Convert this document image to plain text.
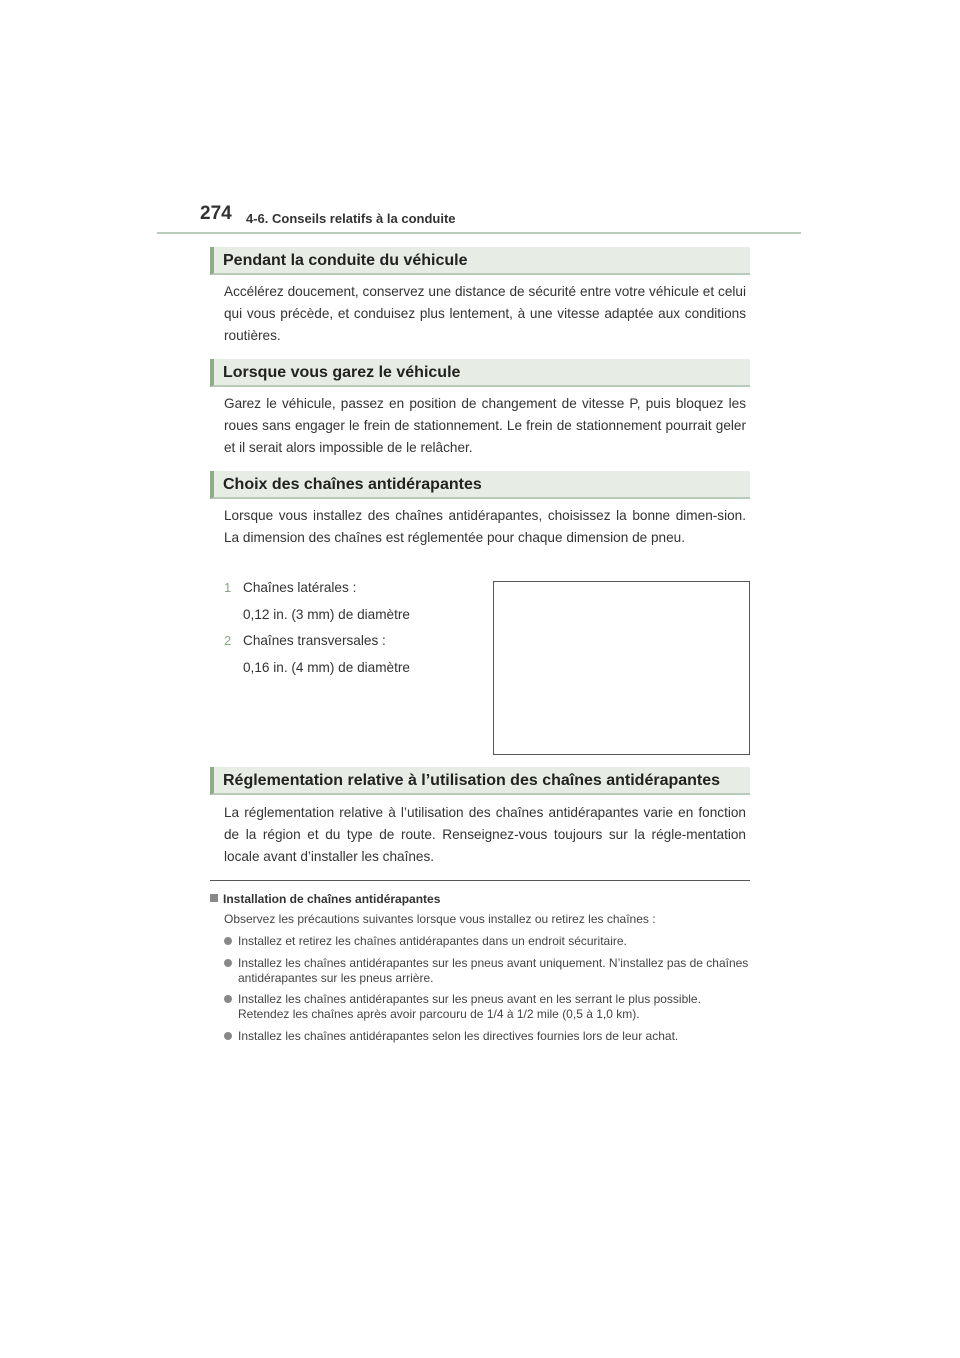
274 4-6. Conseils relatifs à la conduite
Pendant la conduite du véhicule

Accélérez doucement, conservez une distance de sécurité entre votre véhicule et celui qui vous précède, et conduisez plus lentement, à une vitesse adaptée aux conditions routières.

Lorsque vous garez le véhicule

Garez le véhicule, passez en position de changement de vitesse P, puis bloquez les roues sans engager le frein de stationnement. Le frein de stationnement pourrait geler et il serait alors impossible de le relâcher.

Choix des chaînes antidérapantes

Lorsque vous installez des chaînes antidérapantes, choisissez la bonne dimen-sion. La dimension des chaînes est réglementée pour chaque dimension de pneu.

1 Chaînes latérales :
0,12 in. (3 mm) de diamètre
2 Chaînes transversales :
0,16 in. (4 mm) de diamètre
Réglementation relative à l’utilisation des chaînes antidérapantes

La réglementation relative à l’utilisation des chaînes antidérapantes varie en fonction de la région et du type de route. Renseignez-vous toujours sur la régle-mentation locale avant d’installer les chaînes.

Installation de chaînes antidérapantes
Observez les précautions suivantes lorsque vous installez ou retirez les chaînes :
Installez et retirez les chaînes antidérapantes dans un endroit sécuritaire.
Installez les chaînes antidérapantes sur les pneus avant uniquement. N’installez pas de chaînes antidérapantes sur les pneus arrière.
Installez les chaînes antidérapantes sur les pneus avant en les serrant le plus possible. Retendez les chaînes après avoir parcouru de 1/4 à 1/2 mile (0,5 à 1,0 km).
Installez les chaînes antidérapantes selon les directives fournies lors de leur achat.
